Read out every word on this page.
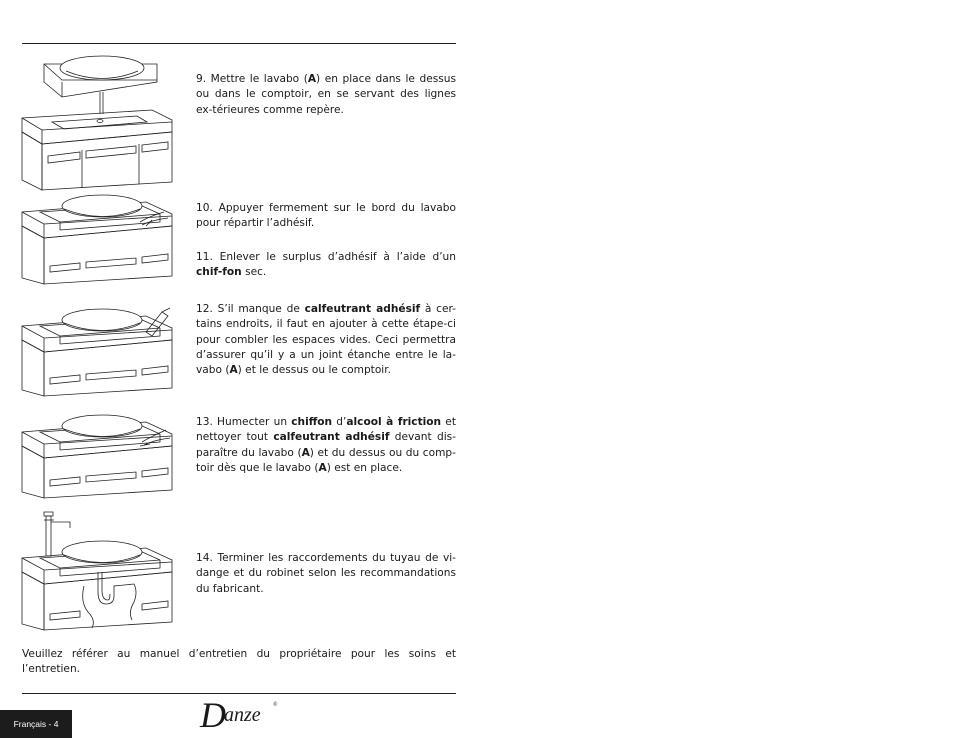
9. Mettre le lavabo (A) en place dans le dessus ou dans le comptoir, en se servant des lignes ex-térieures comme repère.

10. Appuyer fermement sur le bord du lavabo pour répartir l’adhésif.

11. Enlever le surplus d’adhésif à l’aide d’un chif-fon sec.

12. S’il manque de calfeutrant adhésif à cer-tains endroits, il faut en ajouter à cette étape-ci pour combler les espaces vides. Ceci permettra d’assurer qu’il y a un joint étanche entre le la-vabo (A) et le dessus ou le comptoir.

13. Humecter un chiffon d’alcool à friction et nettoyer tout calfeutrant adhésif devant dis-paraître du lavabo (A) et du dessus ou du comp-toir dès que le lavabo (A) est en place.

14. Terminer les raccordements du tuyau de vi-dange et du robinet selon les recommandations du fabricant.

Veuillez référer au manuel d’entretien du propriétaire pour les soins et l’entretien.

Français - 4	D
anze ®
